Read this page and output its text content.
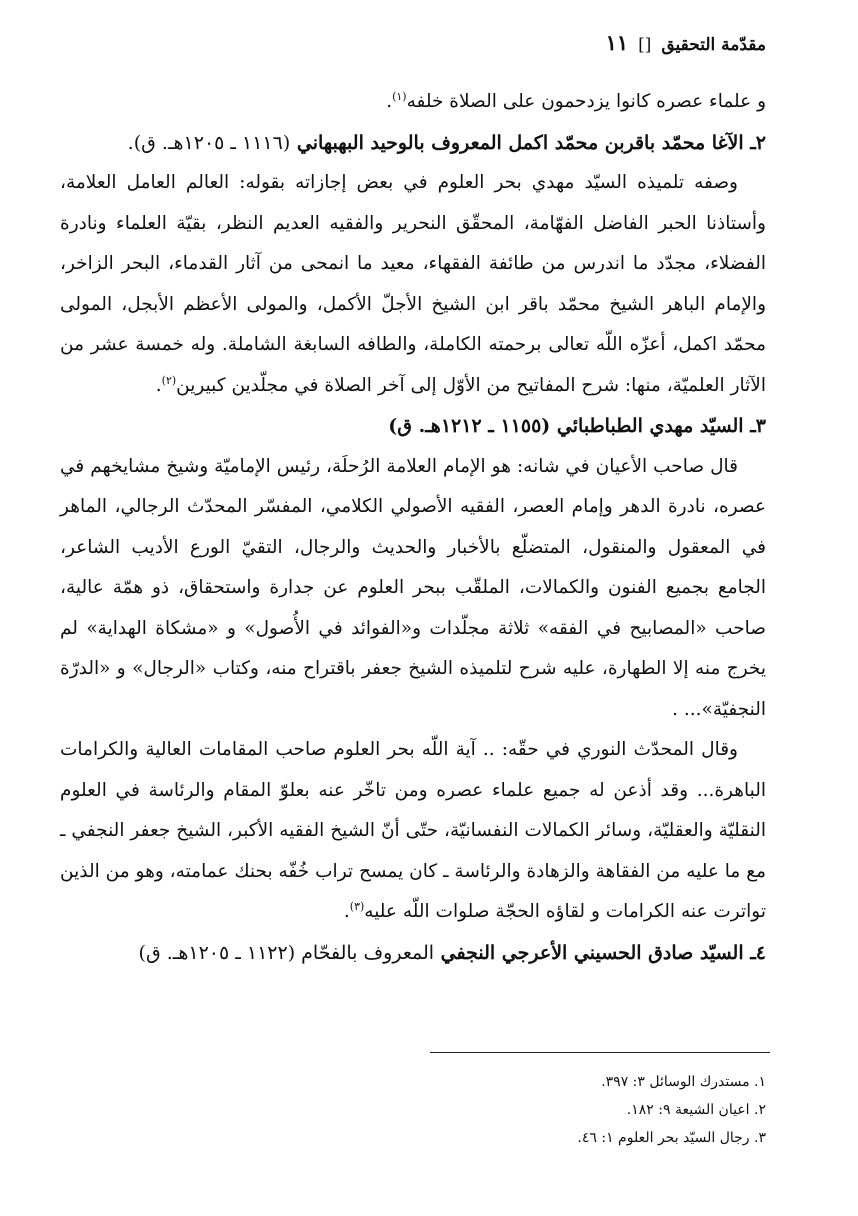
مقدّمة التحقيق [] ١١

و علماء عصره كانوا يزدحمون على الصلاة خلفه$^{(١)}$.

٢ـ الآغا محمّد باقربن محمّد اكمل المعروف بالوحيد البهبهاني (١١١٦ ـ ١٢٠٥هـ. ق).

وصفه تلميذه السيّد مهدي بحر العلوم في بعض إجازاته بقوله: العالم العامل العلامة، وأستاذنا الحبر الفاضل الفهّامة، المحقّق النحرير والفقيه العديم النظر، بقيّة العلماء ونادرة الفضلاء، مجدّد ما اندرس من طائفة الفقهاء، معيد ما انمحى من آثار القدماء، البحر الزاخر، والإمام الباهر الشيخ محمّد باقر ابن الشيخ الأجلّ الأكمل، والمولى الأعظم الأبجل، المولى محمّد اكمل، أعزّه اللّه تعالى برحمته الكاملة، والطافه السابغة الشاملة. وله خمسة عشر من الآثار العلميّة، منها: شرح المفاتيح من الأوّل إلى آخر الصلاة في مجلّدين كبيرين$^{(٢)}$.

٣ـ السيّد مهدي الطباطبائي (١١٥٥ ـ ١٢١٢هـ. ق)

قال صاحب الأعيان في شانه: هو الإمام العلامة الرُحلَة، رئيس الإماميّة وشيخ مشايخهم في عصره، نادرة الدهر وإمام العصر، الفقيه الأصولي الكلامي، المفسّر المحدّث الرجالي، الماهر في المعقول والمنقول، المتضلّع بالأخبار والحديث والرجال، التقيّ الورع الأديب الشاعر، الجامع بجميع الفنون والكمالات، الملقّب ببحر العلوم عن جدارة واستحقاق، ذو همّة عالية، صاحب «المصابيح في الفقه» ثلاثة مجلّدات و«الفوائد في الأُصول» و «مشكاة الهداية» لم يخرج منه إلا الطهارة، عليه شرح لتلميذه الشيخ جعفر باقتراح منه، وكتاب «الرجال» و «الدرّة النجفيّة»... .

وقال المحدّث النوري في حقّه: .. آية اللّه بحر العلوم صاحب المقامات العالية والكرامات الباهرة... وقد أذعن له جميع علماء عصره ومن تاخّر عنه بعلوّ المقام والرئاسة في العلوم النقليّة والعقليّة، وسائر الكمالات النفسانيّة، حتّى أنّ الشيخ الفقيه الأكبر، الشيخ جعفر النجفي ـ مع ما عليه من الفقاهة والزهادة والرئاسة ـ كان يمسح تراب خُفّه بحنك عمامته، وهو من الذين تواترت عنه الكرامات و لقاؤه الحجّة صلوات اللّه عليه$^{(٣)}$.

٤ـ السيّد صادق الحسيني الأعرجي النجفي المعروف بالفحّام (١١٢٢ ـ ١٢٠٥هـ. ق)
١. مستدرك الوسائل ٣: ٣٩٧.
٢. اعيان الشيعة ٩: ١٨٢.
٣. رجال السيّد بحر العلوم ١: ٤٦.
